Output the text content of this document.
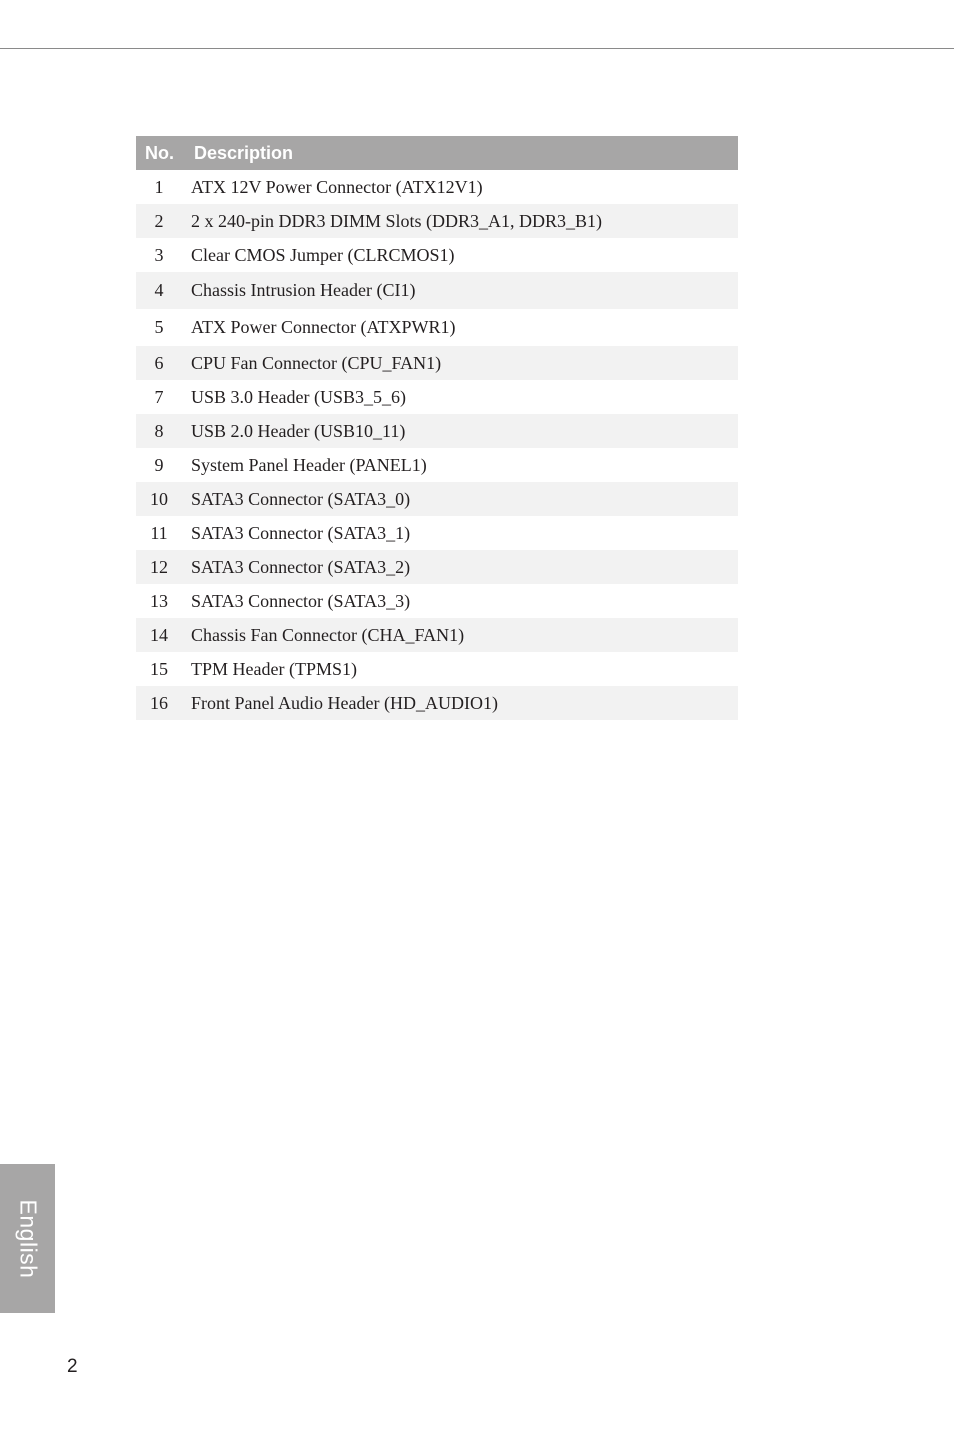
No.	Description
1	ATX 12V Power Connector (ATX12V1)
2	2 x 240-pin DDR3 DIMM Slots (DDR3_A1, DDR3_B1)
3	Clear CMOS Jumper (CLRCMOS1)
4	Chassis Intrusion Header (CI1)
5	ATX Power Connector (ATXPWR1)
6	CPU Fan Connector (CPU_FAN1)
7	USB 3.0 Header (USB3_5_6)
8	USB 2.0 Header (USB10_11)
9	System Panel Header (PANEL1)
10	SATA3 Connector (SATA3_0)
11	SATA3 Connector (SATA3_1)
12	SATA3 Connector (SATA3_2)
13	SATA3 Connector (SATA3_3)
14	Chassis Fan Connector (CHA_FAN1)
15	TPM Header (TPMS1)
16	Front Panel Audio Header (HD_AUDIO1)
English
2
